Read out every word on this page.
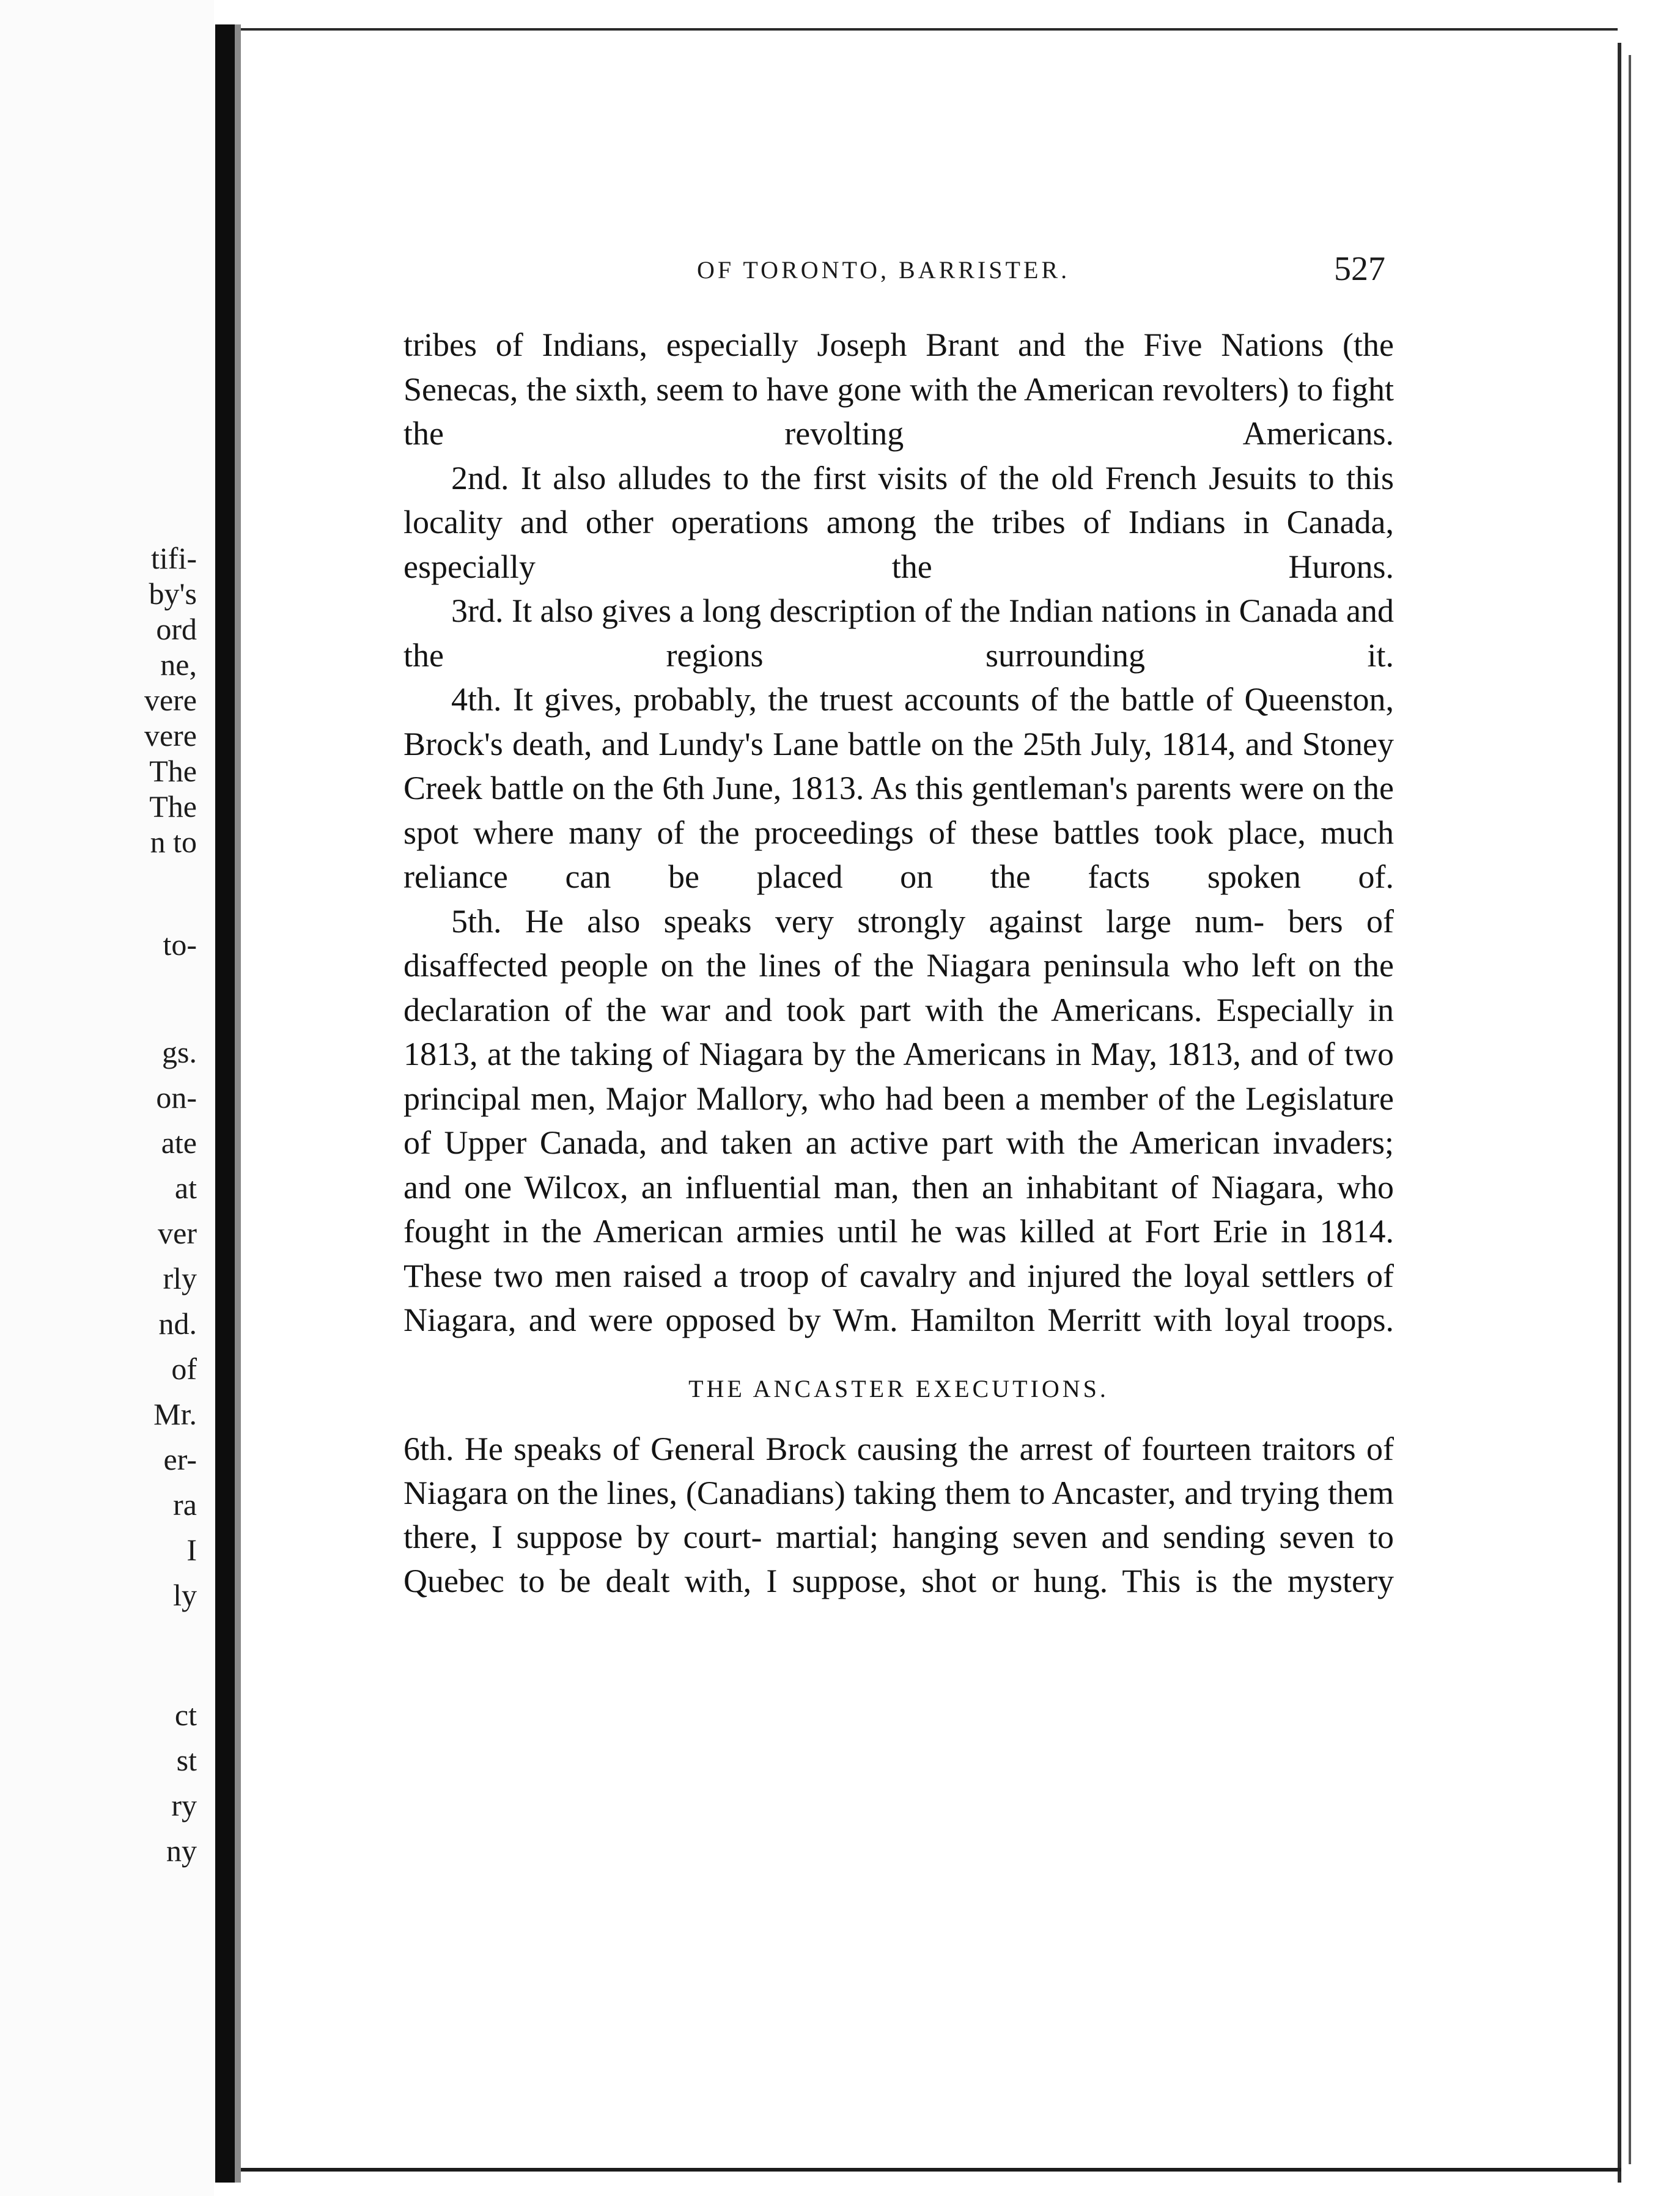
tifi-
by's
ord
ne,
vere
vere
The
The
n to
to-
gs.
on-
ate
at
ver
rly
nd.
of
Mr.
er-
ra
I
ly
ct
st
ry
ny
OF TORONTO, BARRISTER.	527

tribes of Indians, especially Joseph Brant and the Five Nations (the Senecas, the sixth, seem to have gone with the American revolters) to fight the revolting Americans.

2nd. It also alludes to the first visits of the old French Jesuits to this locality and other operations among the tribes of Indians in Canada, especially the Hurons.

3rd. It also gives a long description of the Indian nations in Canada and the regions surrounding it.

4th. It gives, probably, the truest accounts of the battle of Queenston, Brock's death, and Lundy's Lane battle on the 25th July, 1814, and Stoney Creek battle on the 6th June, 1813. As this gentleman's parents were on the spot where many of the proceedings of these battles took place, much reliance can be placed on the facts spoken of.

5th. He also speaks very strongly against large num- bers of disaffected people on the lines of the Niagara peninsula who left on the declaration of the war and took part with the Americans. Especially in 1813, at the taking of Niagara by the Americans in May, 1813, and of two principal men, Major Mallory, who had been a member of the Legislature of Upper Canada, and taken an active part with the American invaders; and one Wilcox, an influential man, then an inhabitant of Niagara, who fought in the American armies until he was killed at Fort Erie in 1814. These two men raised a troop of cavalry and injured the loyal settlers of Niagara, and were opposed by Wm. Hamilton Merritt with loyal troops.

THE ANCASTER EXECUTIONS.

6th. He speaks of General Brock causing the arrest of fourteen traitors of Niagara on the lines, (Canadians) taking them to Ancaster, and trying them there, I suppose by court- martial; hanging seven and sending seven to Quebec to be dealt with, I suppose, shot or hung. This is the mystery
